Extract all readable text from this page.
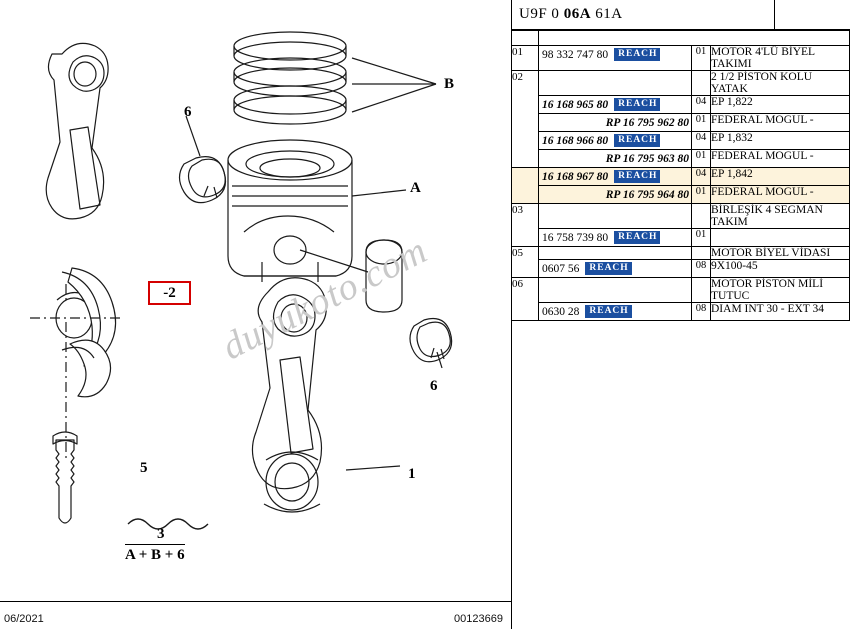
duyukoto.com
B
A
6
6
5	1
3
A + B + 6
-2
06/2021	00123669
U9F 0 06A 61A

01	98 332 747 80 REACH	01	MOTOR 4'LÜ BİYEL TAKIMI
02			2 1/2 PİSTON KOLU YATAK

	16 168 965 80 REACH	04	EP 1,822

	RP 16 795 962 80	01	FEDERAL MOGUL -

	16 168 966 80 REACH	04	EP 1,832

	RP 16 795 963 80	01	FEDERAL MOGUL -

	16 168 967 80 REACH	04	EP 1,842

	RP 16 795 964 80	01	FEDERAL MOGUL -
03			BİRLEŞİK 4 SEGMAN TAKIM

	16 758 739 80 REACH	01	
05			MOTOR BİYEL VİDASI

	0607 56 REACH	08	9X100-45
06			MOTOR PİSTON MİLİ TUTUC

	0630 28 REACH	08	DIAM INT 30 - EXT 34
